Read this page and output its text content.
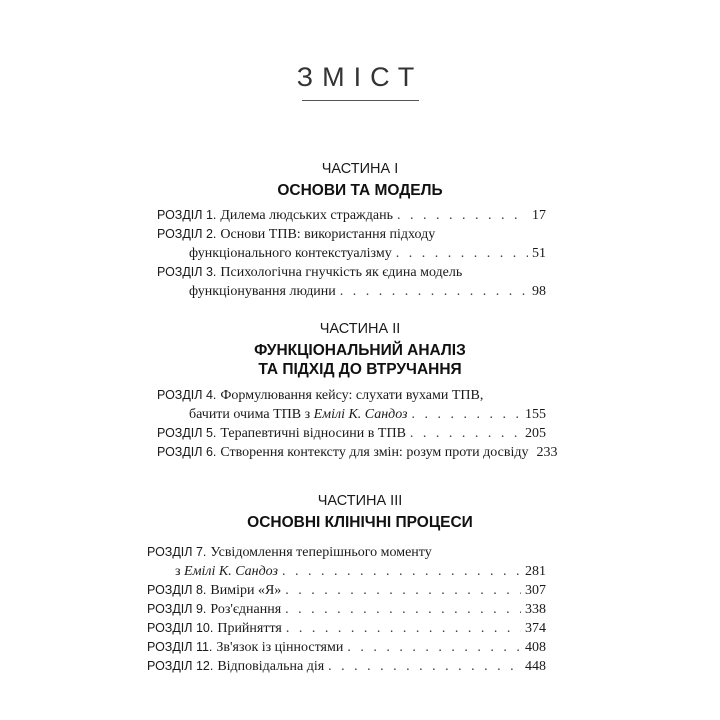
ЗМІСТ
ЧАСТИНА І
ОСНОВИ ТА МОДЕЛЬ
РОЗДІЛ 1. Дилема людських страждань . . .	17
РОЗДІЛ 2. Основи ТПВ: використання підходу
функціонального контекстуалізму . . .	51
РОЗДІЛ 3. Психологічна гнучкість як єдина модель
функціонування людини . . .	98
ЧАСТИНА ІІ
ФУНКЦІОНАЛЬНИЙ АНАЛІЗ
ТА ПІДХІД ДО ВТРУЧАННЯ
РОЗДІЛ 4. Формулювання кейсу: слухати вухами ТПВ,
бачити очима ТПВ з Емілі К. Сандоз . . .	155
РОЗДІЛ 5. Терапевтичні відносини в ТПВ . . .	205
РОЗДІЛ 6. Створення контексту для змін: розум проти досвіду 233
ЧАСТИНА ІІІ
ОСНОВНІ КЛІНІЧНІ ПРОЦЕСИ
РОЗДІЛ 7. Усвідомлення теперішнього моменту
з Емілі К. Сандоз . . .	281
РОЗДІЛ 8. Виміри «Я» . . .	307
РОЗДІЛ 9. Роз'єднання . . .	338
РОЗДІЛ 10. Прийняття . . .	374
РОЗДІЛ 11. Зв'язок із цінностями . . .	408
РОЗДІЛ 12. Відповідальна дія . . .	448
